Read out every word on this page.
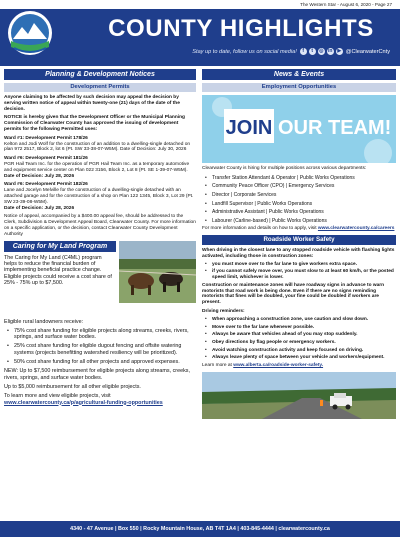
The Western Star - August 6, 2020 - Page 27
COUNTY HIGHLIGHTS
Stay up to date, follow us on social media!	f	t	◎ in ▶ @ClearwaterCnty
Planning & Development Notices
Development Permits

Anyone claiming to be affected by such decision may appeal the decision by serving written notice of appeal within twenty-one (21) days of the date of the decision.

NOTICE is hereby given that the Development Officer or the Municipal Planning Commission of Clearwater County has approved the issuing of development permits for the following Permitted uses:

Ward #1: Development Permit 178/26

Kelton and Jodi Wolf for the construction of an addition to a dwelling-single detached on plan 972 2517, Block 2, lot 6 (Pt. SW 33-38-07-W5M). Date of Decision: July 30, 2026

Ward #6: Development Permit 181/26

PGR Hail Team Inc. for the operation of PGR Hail Team Inc. as a temporary automotive and equipment service center on Plan 022 3156, Block 2, Lot 8 (Pt. SE 1-39-07-W5M).

Date of Decision: July 28, 2026

Ward #6: Development Permit 182/26

Lane and Jocelyn Melville for the construction of a dwelling-single detached with an attached garage and for the construction of a shop on Plan 122 1345, Block 3, Lot 29 (Pt. SW 23-39-08-W5M).

Date of Decision: July 28, 2026

Notice of appeal, accompanied by a $400.00 appeal fee, should be addressed to the Clerk, Subdivision & Development Appeal Board, Clearwater County. For more information on a specific application, or the decision, contact Clearwater County Development Authority

Caring for My Land Program

The Caring for My Land (C4ML) program helps to reduce the financial burden of implementing beneficial practice change. Eligible projects could receive a cost share of 25% - 75% up to $7,500.

Eligible rural landowners receive:

• 75% cost share funding for eligible projects along streams, creeks, rivers, springs, and surface water bodies.
• 25% cost share funding for eligible dugout fencing and offsite watering systems (projects benefitting watershed resiliency will be prioritized).
• 50% cost share funding for all other projects and approved expenses.

NEW: Up to $7,500 reimbursement for eligible projects along streams, creeks, rivers, springs, and surface water bodies.

Up to $5,000 reimbursement for all other eligible projects.

To learn more and view eligible projects, visit www.clearwatercounty.ca/p/agricultural-funding-opportunities

News & Events
Employment Opportunities
JOIN OUR TEAM!

Clearwater County is hiring for multiple positions across various departments:

• Transfer Station Attendant & Operator | Public Works Operations
• Community Peace Officer (CPO) | Emergency Services
• Director | Corporate Services
• Landfill Supervisor | Public Works Operations
• Administrative Assistant | Public Works Operations
• Labourer (Carline-based) | Public Works Operations

For more information and details on how to apply, visit www.clearwatercounty.ca/careers

Roadside Worker Safety

When driving in the closest lane to any stopped roadside vehicle with flashing lights activated, including those in construction zones:

• you must move over to the far lane to give workers extra space.
• if you cannot safely move over, you must slow to at least 60 km/h, or the posted speed limit, whichever is lower.

Construction or maintenance zones will have roadway signs in advance to warn motorists that road work is being done. Even if there are no signs reminding motorists that fines will be doubled, your fine could be doubled if workers are present.

Driving reminders:

• When approaching a construction zone, use caution and slow down.
• Move over to the far lane whenever possible.
• Always be aware that vehicles ahead of you may stop suddenly.
• Obey directions by flag people or emergency workers.
• Avoid watching construction activity and keep focused on driving.
• Always leave plenty of space between your vehicle and workers/equipment.

Learn more at www.alberta.ca/roadside-worker-safety.

4340 - 47 Avenue | Box 550 | Rocky Mountain House, AB T4T 1A4 | 403-845-4444 | clearwatercounty.ca
